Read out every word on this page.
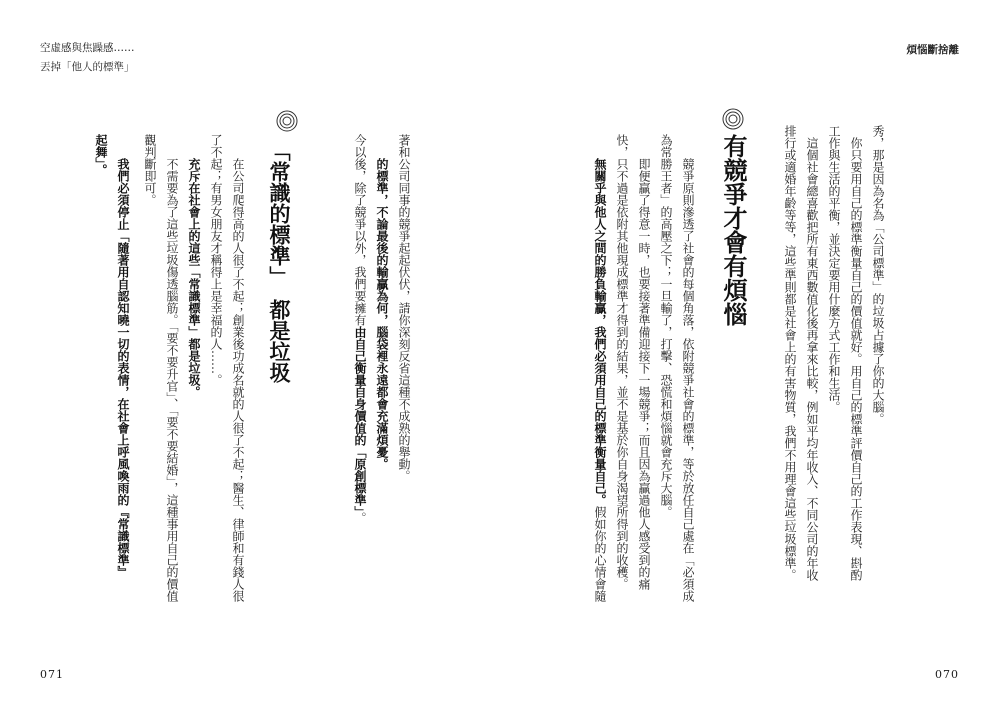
空虛感與焦躁感……
丟掉「他人的標準」
煩惱斷捨離
秀，那是因為名為「公司標準」的垃圾占據了你的大腦。
你只要用自己的標準衡量自己的價值就好。用自己的標準評價自己的工作表現、斟酌
工作與生活的平衡，並決定要用什麼方式工作和生活。
這個社會總喜歡把所有東西數值化後再拿來比較，例如平均年收入、不同公司的年收
排行或適婚年齡等等，這些準則都是社會上的有害物質，我們不用理會這些垃圾標準。
有競爭才會有煩惱
競爭原則滲透了社會的每個角落，依附競爭社會的標準，等於放任自己處在「必須成
為常勝王者」的高壓之下；一旦輸了，打擊、恐慌和煩惱就會充斥大腦。
即便贏了得意一時，也要接著準備迎接下一場競爭；而且因為贏過他人感受到的痛
快，只不過是依附其他現成標準才得到的結果，並不是基於你自身渴望所得到的收穫。
無關乎與他人之間的勝負輸贏，我們必須用自己的標準衡量自己。假如你的心情會隨
070
著和公司同事的競爭起起伏伏，請你深刻反省這種不成熟的舉動。
的標準，不論最後的輸贏為何，腦袋裡永遠都會充滿煩憂。
今以後，除了競爭以外，我們要擁有由自己衡量自身價值的「原創標準」。
「常識的標準」都是垃圾
在公司爬得高的人很了不起；創業後功成名就的人很了不起；醫生、律師和有錢人很
了不起；有男女朋友才稱得上是幸福的人……。
充斥在社會上的這些「常識標準」都是垃圾。
不需要為了這些垃圾傷透腦筋。「要不要升官」、「要不要結婚」，這種事用自己的價值
觀判斷即可。
我們必須停止「隨著用自認知曉一切的表情，在社會上呼風喚雨的『常識標準』
起舞」。
071
